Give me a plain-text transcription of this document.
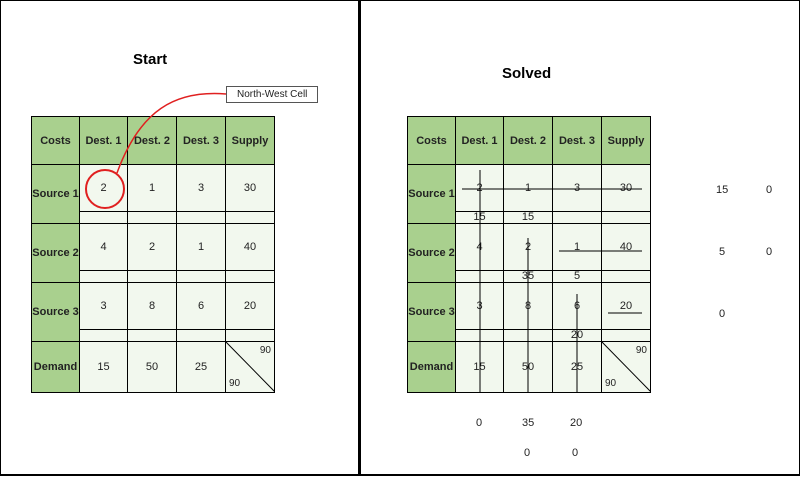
Start
North-West Cell
Costs	Dest. 1	Dest. 2	Dest. 3	Supply
Source 1	2	1	3	30

Source 2	4	2	1	40

Source 3	3	8	6	20

Demand	15	50	25	90
90
Solved
Costs	Dest. 1	Dest. 2	Dest. 3	Supply
Source 1	2	1	3	30
	15	15		
Source 2	4	2	1	40
		35	5	
Source 3	3	8	6	20
			20	
Demand	15	50	25	90
90
15	0
5	0
0
0	35	20
0	0
